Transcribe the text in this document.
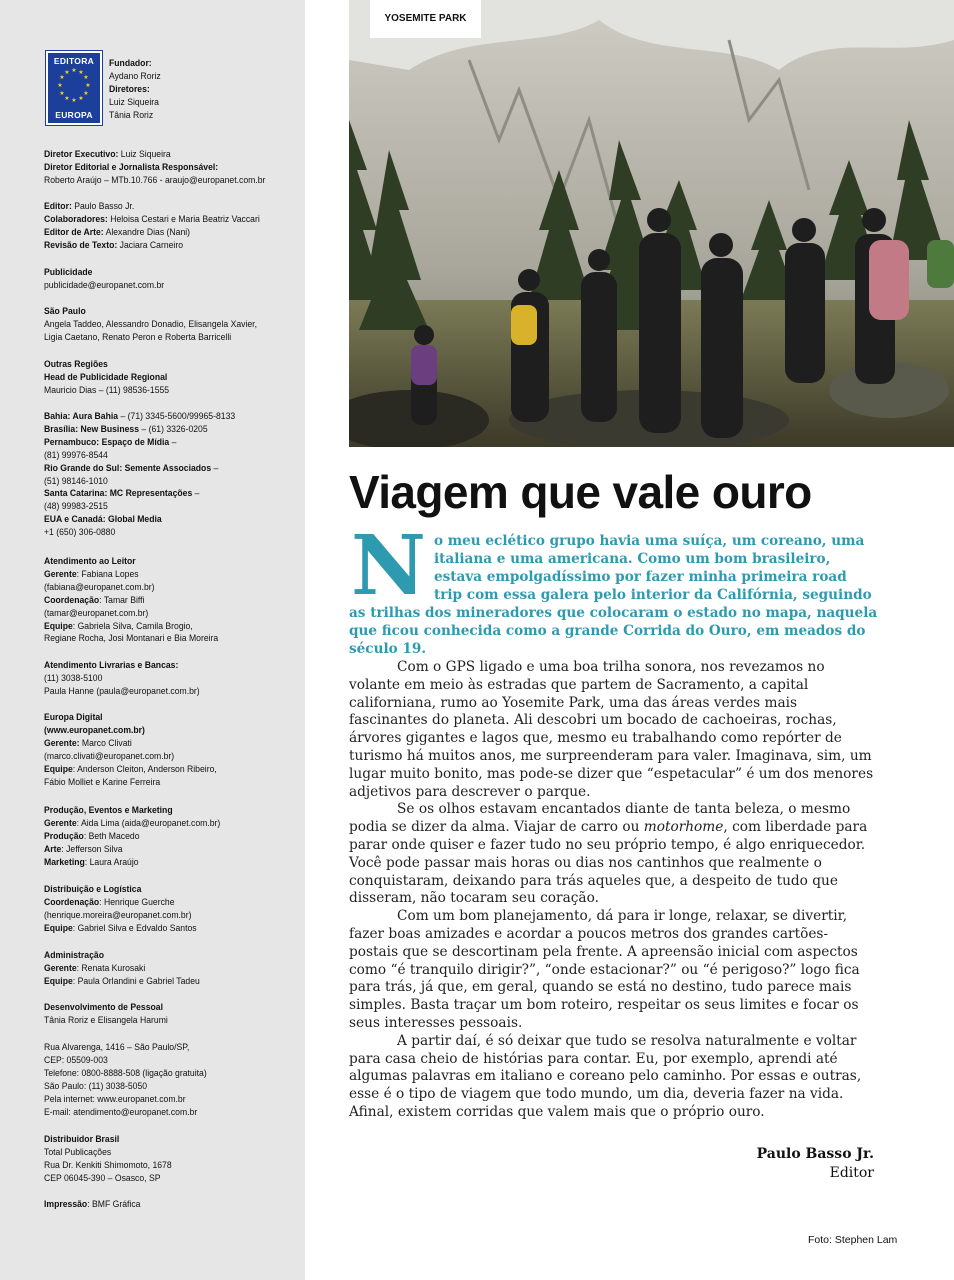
EDITORA
★ ★
★
★
★
★
★
★
★
★
★
★
EUROPA
Fundador:
Aydano Roriz
Diretores:
Luiz Siqueira
Tânia Roriz
Diretor Executivo: Luiz Siqueira
Diretor Editorial e Jornalista Responsável:
Roberto Araújo – MTb.10.766 - araujo@europanet.com.br
Editor: Paulo Basso Jr.
Colaboradores: Heloisa Cestari e Maria Beatriz Vaccari
Editor de Arte: Alexandre Dias (Nani)
Revisão de Texto: Jaciara Carneiro
Publicidade
publicidade@europanet.com.br
São Paulo
Angela Taddeo, Alessandro Donadio, Elisangela Xavier,
Ligia Caetano, Renato Peron e Roberta Barricelli
Outras Regiões
Head de Publicidade Regional
Mauricio Dias – (11) 98536-1555
Bahia: Aura Bahia – (71) 3345-5600/99965-8133
Brasília: New Business – (61) 3326-0205
Pernambuco: Espaço de Mídia –
(81) 99976-8544
Rio Grande do Sul: Semente Associados –
(51) 98146-1010
Santa Catarina: MC Representações –
(48) 99983-2515
EUA e Canadá: Global Media
+1 (650) 306-0880
Atendimento ao Leitor
Gerente: Fabiana Lopes
(fabiana@europanet.com.br)
Coordenação: Tamar Biffi
(tamar@europanet.com.br)
Equipe: Gabriela Silva, Camila Brogio,
Regiane Rocha, Josi Montanari e Bia Moreira
Atendimento Livrarias e Bancas:
(11) 3038-5100
Paula Hanne (paula@europanet.com.br)
Europa Digital
(www.europanet.com.br)
Gerente: Marco Clivati
(marco.clivati@europanet.com.br)
Equipe: Anderson Cleiton, Anderson Ribeiro,
Fábio Molliet e Karine Ferreira
Produção, Eventos e Marketing
Gerente: Aida Lima (aida@europanet.com.br)
Produção: Beth Macedo
Arte: Jefferson Silva
Marketing: Laura Araújo
Distribuição e Logística
Coordenação: Henrique Guerche
(henrique.moreira@europanet.com.br)
Equipe: Gabriel Silva e Edvaldo Santos
Administração
Gerente: Renata Kurosaki
Equipe: Paula Orlandini e Gabriel Tadeu
Desenvolvimento de Pessoal
Tânia Roriz e Elisangela Harumi
Rua Alvarenga, 1416 – São Paulo/SP,
CEP: 05509-003
Telefone: 0800-8888-508 (ligação gratuita)
São Paulo: (11) 3038-5050
Pela internet: www.europanet.com.br
E-mail: atendimento@europanet.com.br
Distribuidor Brasil
Total Publicações
Rua Dr. Kenkiti Shimomoto, 1678
CEP 06045-390 – Osasco, SP
Impressão: BMF Gráfica
YOSEMITE PARK
Viagem que vale ouro
N o meu eclético grupo havia uma suíça, um coreano, uma italiana e uma americana. Como um bom brasileiro, estava empolgadíssimo por fazer minha primeira road trip com essa galera pelo interior da Califórnia, seguindo as trilhas dos mineradores que colocaram o estado no mapa, naquela que ficou conhecida como a grande Corrida do Ouro, em meados do século 19.

Com o GPS ligado e uma boa trilha sonora, nos revezamos no volante em meio às estradas que partem de Sacramento, a capital californiana, rumo ao Yosemite Park, uma das áreas verdes mais fascinantes do planeta. Ali descobri um bocado de cachoeiras, rochas, árvores gigantes e lagos que, mesmo eu trabalhando como repórter de turismo há muitos anos, me surpreenderam para valer. Imaginava, sim, um lugar muito bonito, mas pode-se dizer que “espetacular” é um dos menores adjetivos para descrever o parque.

Se os olhos estavam encantados diante de tanta beleza, o mesmo podia se dizer da alma. Viajar de carro ou motorhome, com liberdade para parar onde quiser e fazer tudo no seu próprio tempo, é algo enriquecedor. Você pode passar mais horas ou dias nos cantinhos que realmente o conquistaram, deixando para trás aqueles que, a despeito de tudo que disseram, não tocaram seu coração.

Com um bom planejamento, dá para ir longe, relaxar, se divertir, fazer boas amizades e acordar a poucos metros dos grandes cartões-postais que se descortinam pela frente. A apreensão inicial com aspectos como “é tranquilo dirigir?”, “onde estacionar?” ou “é perigoso?” logo fica para trás, já que, em geral, quando se está no destino, tudo parece mais simples. Basta traçar um bom roteiro, respeitar os seus limites e focar os seus interesses pessoais.

A partir daí, é só deixar que tudo se resolva naturalmente e voltar para casa cheio de histórias para contar. Eu, por exemplo, aprendi até algumas palavras em italiano e coreano pelo caminho. Por essas e outras, esse é o tipo de viagem que todo mundo, um dia, deveria fazer na vida. Afinal, existem corridas que valem mais que o próprio ouro.

Paulo Basso Jr.
Editor
Foto: Stephen Lam
